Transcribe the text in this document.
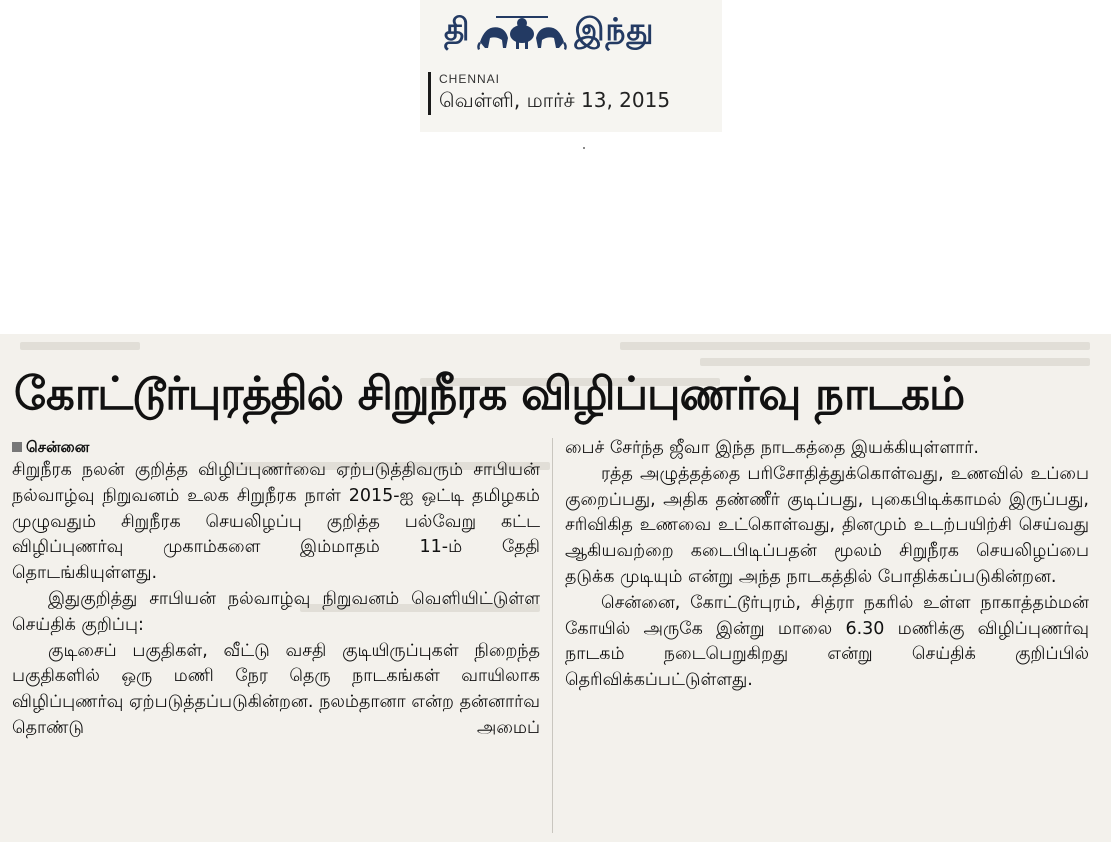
தி	இந்து
CHENNAI
வெள்ளி, மார்ச் 13, 2015
கோட்டூர்புரத்தில் சிறுநீரக விழிப்புணர்வு நாடகம்
சென்னை

சிறுநீரக நலன் குறித்த விழிப்புணர்வை ஏற்படுத்திவரும் சாபியன் நல்வாழ்வு நிறுவனம் உலக சிறுநீரக நாள் 2015-ஐ ஒட்டி தமிழகம் முழுவதும் சிறுநீரக செயலிழப்பு குறித்த பல்வேறு கட்ட விழிப்புணர்வு முகாம்களை இம்மாதம் 11-ம் தேதி தொடங்கியுள்ளது.

இதுகுறித்து சாபியன் நல்வாழ்வு நிறுவனம் வெளியிட்டுள்ள செய்திக் குறிப்பு:

குடிசைப் பகுதிகள், வீட்டு வசதி குடியிருப்புகள் நிறைந்த பகுதிகளில் ஒரு மணி நேர தெரு நாடகங்கள் வாயிலாக விழிப்புணர்வு ஏற்படுத்தப்படுகின்றன. நலம்தானா என்ற தன்னார்வ தொண்டு அமைப்

பைச் சேர்ந்த ஜீவா இந்த நாடகத்தை இயக்கியுள்ளார்.

ரத்த அழுத்தத்தை பரிசோதித்துக்கொள்வது, உணவில் உப்பை குறைப்பது, அதிக தண்ணீர் குடிப்பது, புகைபிடிக்காமல் இருப்பது, சரிவிகித உணவை உட்கொள்வது, தினமும் உடற்பயிற்சி செய்வது ஆகியவற்றை கடைபிடிப்பதன் மூலம் சிறுநீரக செயலிழப்பை தடுக்க முடியும் என்று அந்த நாடகத்தில் போதிக்கப்படுகின்றன.

சென்னை, கோட்டூர்புரம், சித்ரா நகரில் உள்ள நாகாத்தம்மன் கோயில் அருகே இன்று மாலை 6.30 மணிக்கு விழிப்புணர்வு நாடகம் நடைபெறுகிறது என்று செய்திக் குறிப்பில் தெரிவிக்கப்பட்டுள்ளது.
